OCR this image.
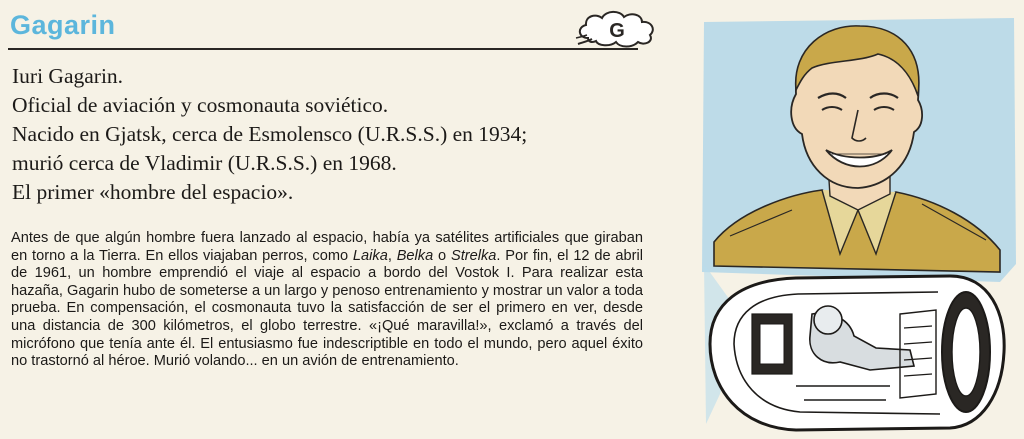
Gagarin	G
Iuri Gagarin.
Oficial de aviación y cosmonauta soviético.
Nacido en Gjatsk, cerca de Esmolensco (U.R.S.S.) en 1934;
murió cerca de Vladimir (U.R.S.S.) en 1968.
El primer «hombre del espacio».

Antes de que algún hombre fuera lanzado al espacio, había ya satélites artificiales que giraban en torno a la Tierra. En ellos viajaban perros, como Laika, Belka o Strelka. Por fin, el 12 de abril de 1961, un hombre emprendió el viaje al espacio a bordo del Vostok I. Para realizar esta hazaña, Gagarin hubo de someterse a un largo y penoso entrenamiento y mostrar un valor a toda prueba. En compensación, el cosmonauta tuvo la satisfacción de ser el primero en ver, desde una distancia de 300 kilómetros, el globo terrestre. «¡Qué maravilla!», exclamó a través del micrófono que tenía ante él. El entusiasmo fue indescriptible en todo el mundo, pero aquel éxito no trastornó al héroe. Murió volando... en un avión de entrenamiento.
